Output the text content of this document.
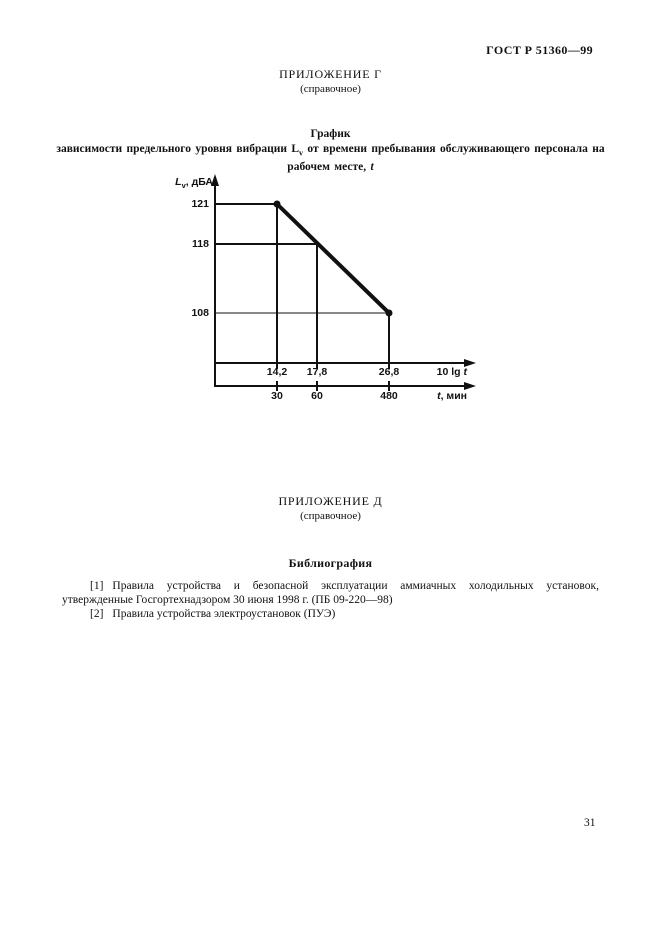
ГОСТ Р 51360—99
ПРИЛОЖЕНИЕ Г
(справочное)
График
зависимости предельного уровня вибрации $L_v$ от времени пребывания обслуживающего персонала на рабочем месте, t
$L_v$, дБА
121
118
108
14,2	17,8	26,8	10 lg t
30	60	480	t, мин
ПРИЛОЖЕНИЕ Д
(справочное)
Библиография

[1] Правила устройства и безопасной эксплуатации аммиачных холодильных установок, утвержденные Госгортехнадзором 30 июня 1998 г. (ПБ 09-220—98)

[2] Правила устройства электроустановок (ПУЭ)

31
